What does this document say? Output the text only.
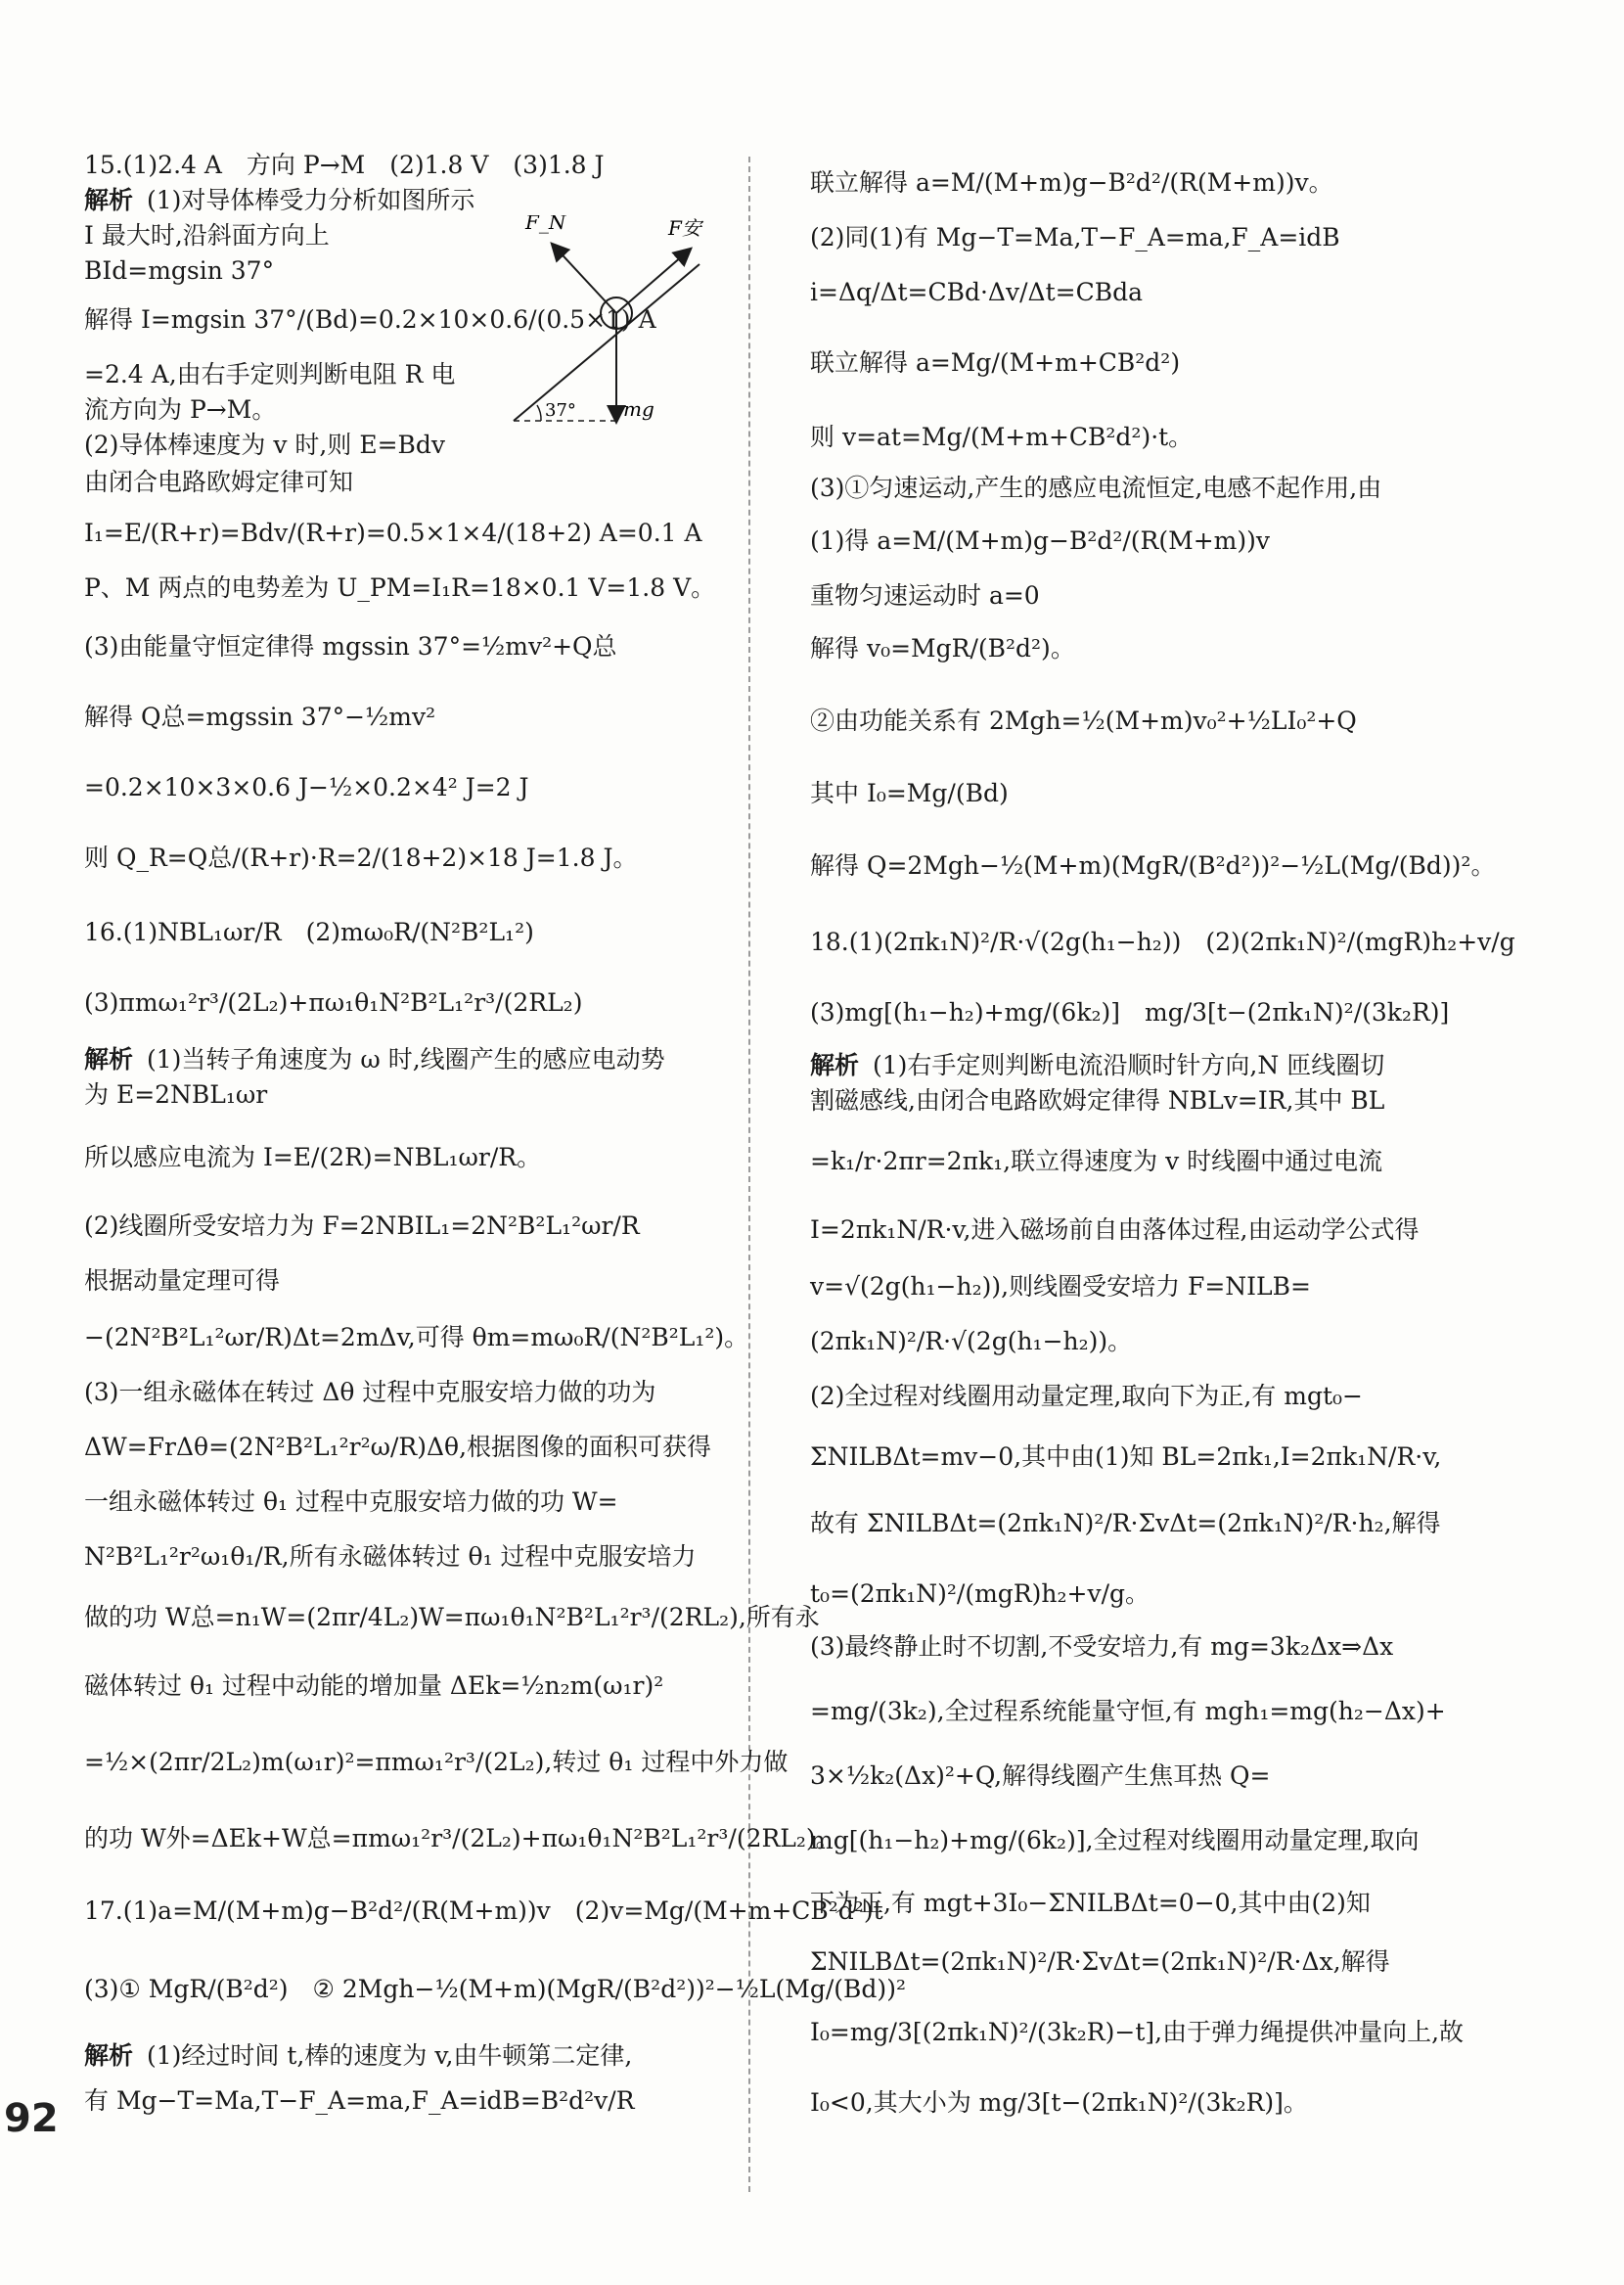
15.(1)2.4 A　方向 P→M　(2)1.8 V　(3)1.8 J
解析 (1)对导体棒受力分析如图所示
I 最大时,沿斜面方向上
BId=mgsin 37°
解得 I=mgsin 37°/(Bd)=0.2×10×0.6/(0.5×1) A
=2.4 A,由右手定则判断电阻 R 电
流方向为 P→M。
(2)导体棒速度为 v 时,则 E=Bdv
由闭合电路欧姆定律可知
I₁=E/(R+r)=Bdv/(R+r)=0.5×1×4/(18+2) A=0.1 A
P、M 两点的电势差为 U_PM=I₁R=18×0.1 V=1.8 V。
(3)由能量守恒定律得 mgssin 37°=½mv²+Q总
解得 Q总=mgssin 37°−½mv²
=0.2×10×3×0.6 J−½×0.2×4² J=2 J
则 Q_R=Q总/(R+r)·R=2/(18+2)×18 J=1.8 J。
16.(1)NBL₁ωr/R　(2)mω₀R/(N²B²L₁²)
(3)πmω₁²r³/(2L₂)+πω₁θ₁N²B²L₁²r³/(2RL₂)
解析 (1)当转子角速度为 ω 时,线圈产生的感应电动势
为 E=2NBL₁ωr
所以感应电流为 I=E/(2R)=NBL₁ωr/R。
(2)线圈所受安培力为 F=2NBIL₁=2N²B²L₁²ωr/R
根据动量定理可得
−(2N²B²L₁²ωr/R)Δt=2mΔv,可得 θm=mω₀R/(N²B²L₁²)。
(3)一组永磁体在转过 Δθ 过程中克服安培力做的功为
ΔW=FrΔθ=(2N²B²L₁²r²ω/R)Δθ,根据图像的面积可获得
一组永磁体转过 θ₁ 过程中克服安培力做的功 W=
N²B²L₁²r²ω₁θ₁/R,所有永磁体转过 θ₁ 过程中克服安培力
做的功 W总=n₁W=(2πr/4L₂)W=πω₁θ₁N²B²L₁²r³/(2RL₂),所有永
磁体转过 θ₁ 过程中动能的增加量 ΔEk=½n₂m(ω₁r)²
=½×(2πr/2L₂)m(ω₁r)²=πmω₁²r³/(2L₂),转过 θ₁ 过程中外力做
的功 W外=ΔEk+W总=πmω₁²r³/(2L₂)+πω₁θ₁N²B²L₁²r³/(2RL₂)。
17.(1)a=M/(M+m)g−B²d²/(R(M+m))v　(2)v=Mg/(M+m+CB²d²)t
(3)① MgR/(B²d²)　② 2Mgh−½(M+m)(MgR/(B²d²))²−½L(Mg/(Bd))²
解析 (1)经过时间 t,棒的速度为 v,由牛顿第二定律,
有 Mg−T=Ma,T−F_A=ma,F_A=idB=B²d²v/R
F_N	F安
mg
37°
联立解得 a=M/(M+m)g−B²d²/(R(M+m))v。
(2)同(1)有 Mg−T=Ma,T−F_A=ma,F_A=idB
i=Δq/Δt=CBd·Δv/Δt=CBda
联立解得 a=Mg/(M+m+CB²d²)
则 v=at=Mg/(M+m+CB²d²)·t。
(3)①匀速运动,产生的感应电流恒定,电感不起作用,由
(1)得 a=M/(M+m)g−B²d²/(R(M+m))v
重物匀速运动时 a=0
解得 v₀=MgR/(B²d²)。
②由功能关系有 2Mgh=½(M+m)v₀²+½LI₀²+Q
其中 I₀=Mg/(Bd)
解得 Q=2Mgh−½(M+m)(MgR/(B²d²))²−½L(Mg/(Bd))²。
18.(1)(2πk₁N)²/R·√(2g(h₁−h₂))　(2)(2πk₁N)²/(mgR)h₂+v/g
(3)mg[(h₁−h₂)+mg/(6k₂)]　mg/3[t−(2πk₁N)²/(3k₂R)]
解析 (1)右手定则判断电流沿顺时针方向,N 匝线圈切
割磁感线,由闭合电路欧姆定律得 NBLv=IR,其中 BL
=k₁/r·2πr=2πk₁,联立得速度为 v 时线圈中通过电流
I=2πk₁N/R·v,进入磁场前自由落体过程,由运动学公式得
v=√(2g(h₁−h₂)),则线圈受安培力 F=NILB=
(2πk₁N)²/R·√(2g(h₁−h₂))。
(2)全过程对线圈用动量定理,取向下为正,有 mgt₀−
ΣNILBΔt=mv−0,其中由(1)知 BL=2πk₁,I=2πk₁N/R·v,
故有 ΣNILBΔt=(2πk₁N)²/R·ΣvΔt=(2πk₁N)²/R·h₂,解得
t₀=(2πk₁N)²/(mgR)h₂+v/g。
(3)最终静止时不切割,不受安培力,有 mg=3k₂Δx⇒Δx
=mg/(3k₂),全过程系统能量守恒,有 mgh₁=mg(h₂−Δx)+
3×½k₂(Δx)²+Q,解得线圈产生焦耳热 Q=
mg[(h₁−h₂)+mg/(6k₂)],全过程对线圈用动量定理,取向
下为正,有 mgt+3I₀−ΣNILBΔt=0−0,其中由(2)知
ΣNILBΔt=(2πk₁N)²/R·ΣvΔt=(2πk₁N)²/R·Δx,解得
I₀=mg/3[(2πk₁N)²/(3k₂R)−t],由于弹力绳提供冲量向上,故
I₀<0,其大小为 mg/3[t−(2πk₁N)²/(3k₂R)]。
92
